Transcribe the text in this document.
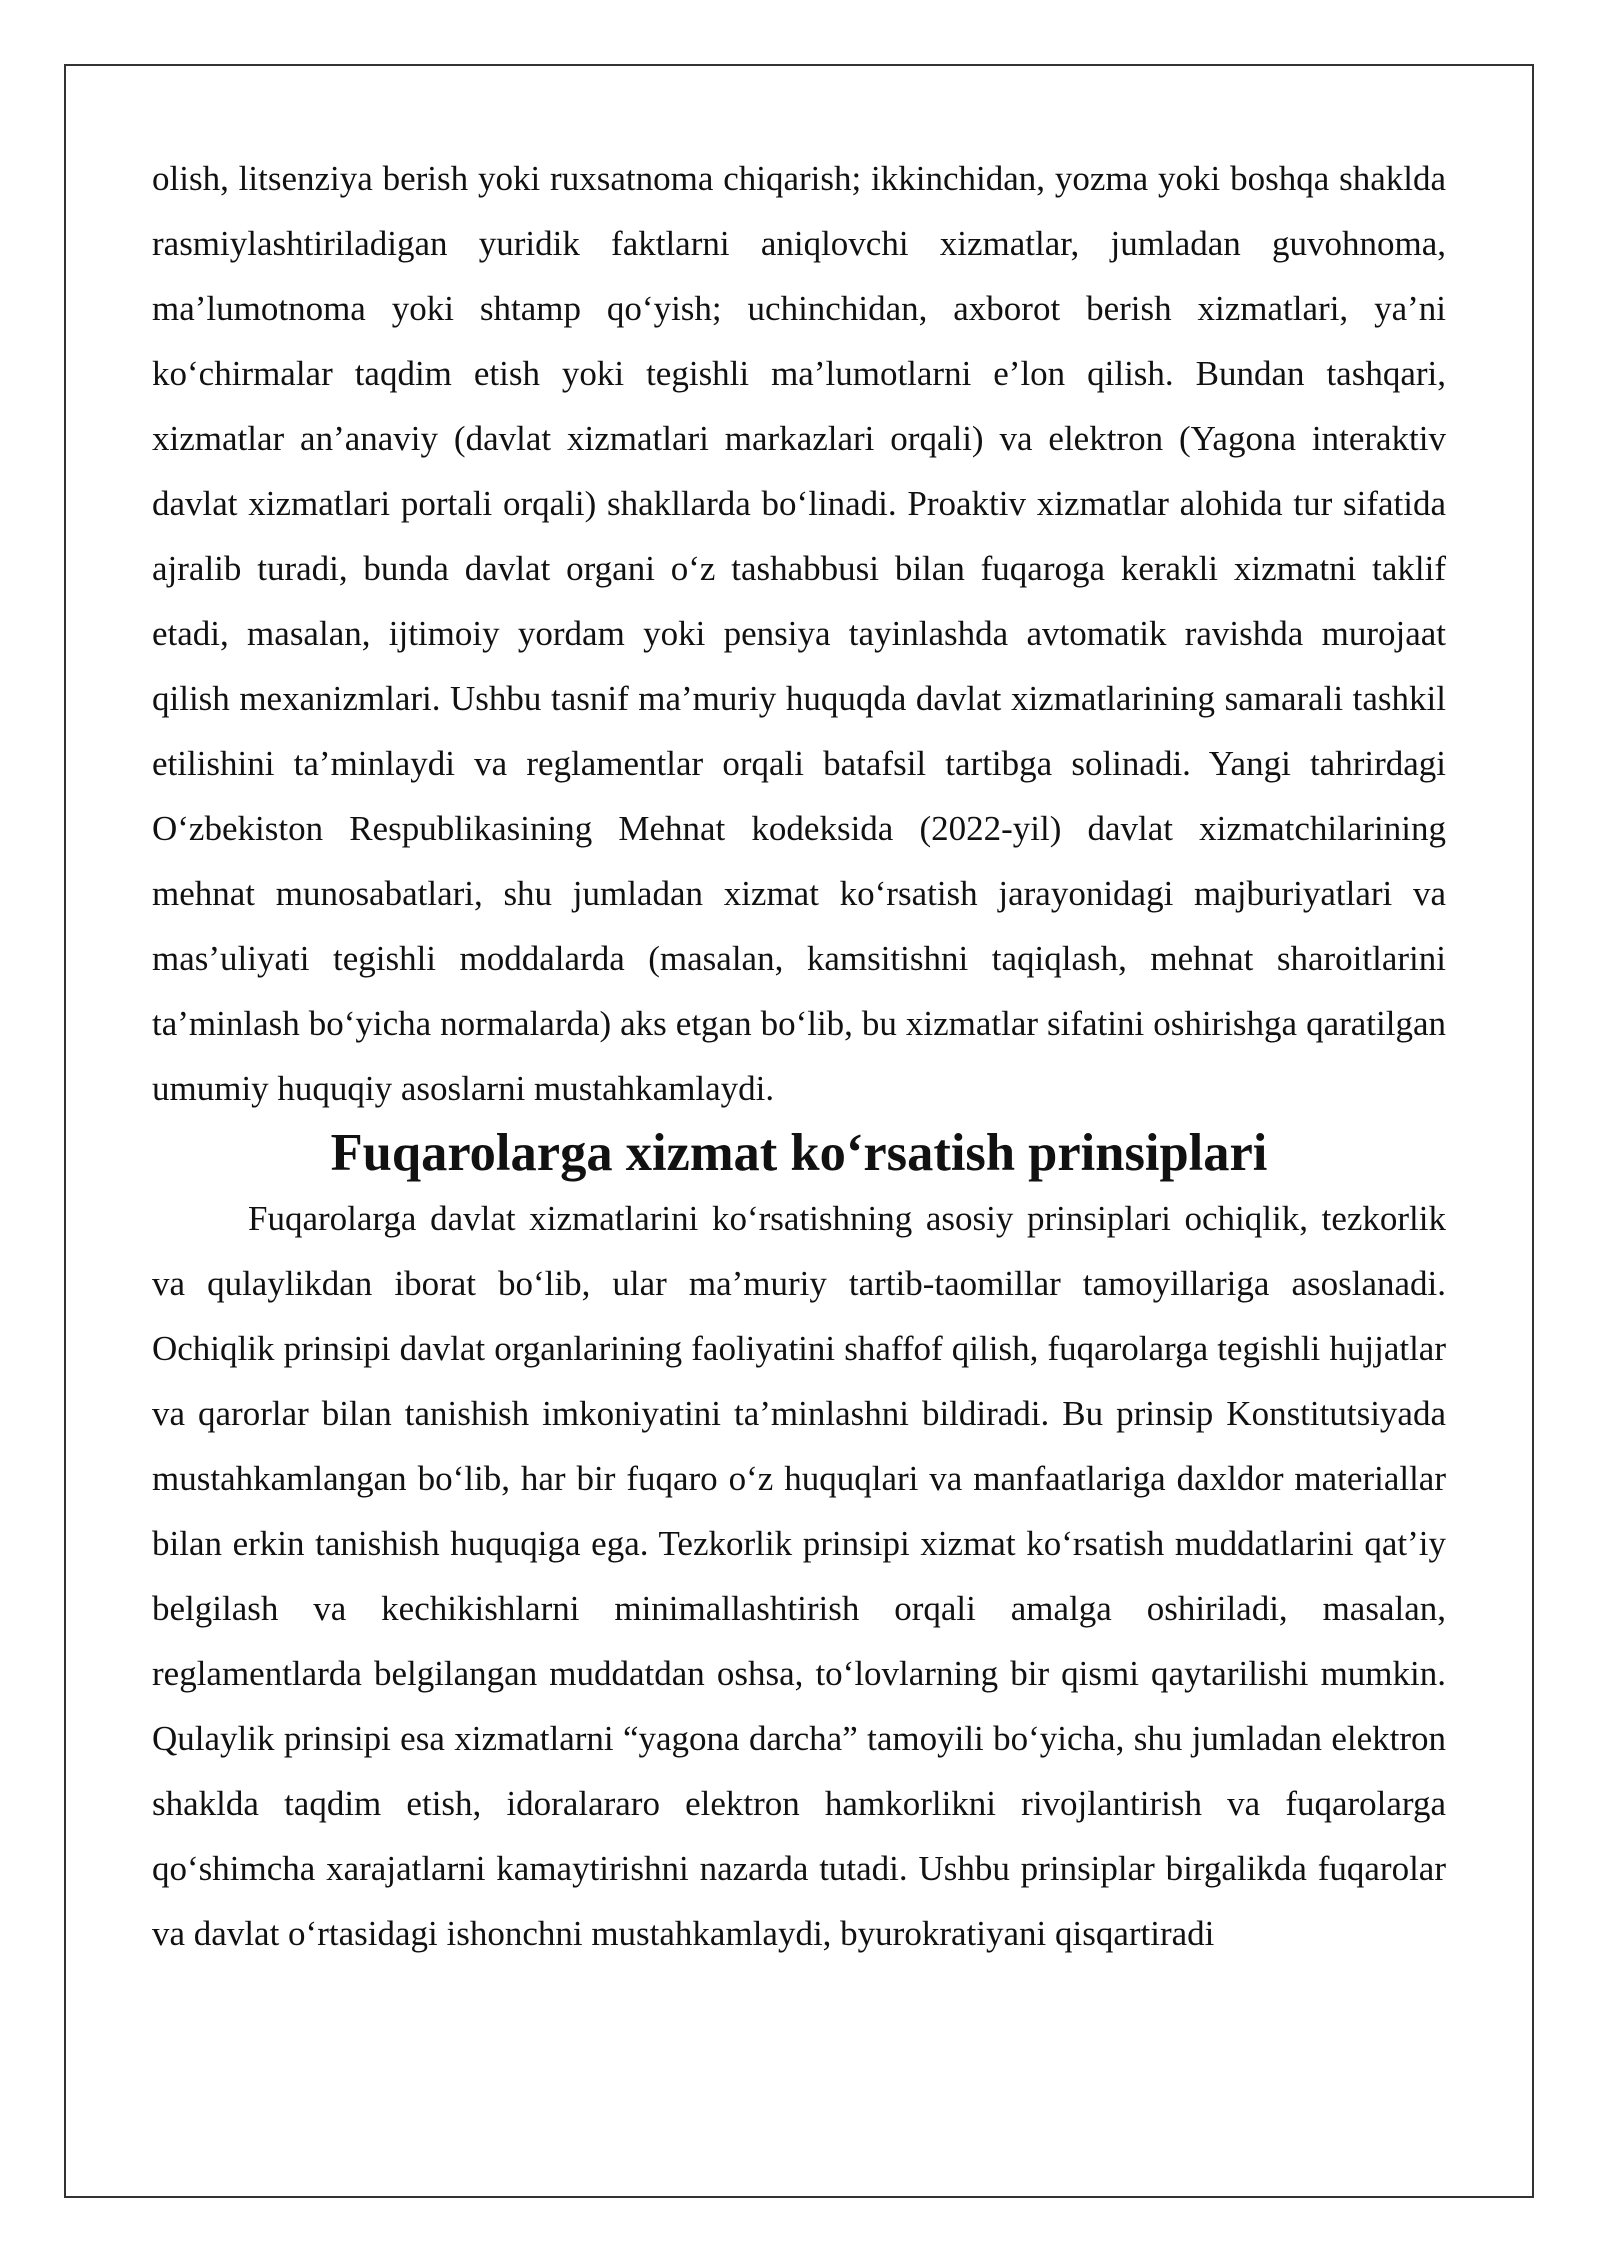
olish, litsenziya berish yoki ruxsatnoma chiqarish; ikkinchidan, yozma yoki boshqa shaklda rasmiylashtiriladigan yuridik faktlarni aniqlovchi xizmatlar, jumladan guvohnoma, ma’lumotnoma yoki shtamp qo‘yish; uchinchidan, axborot berish xizmatlari, ya’ni ko‘chirmalar taqdim etish yoki tegishli ma’lumotlarni e’lon qilish. Bundan tashqari, xizmatlar an’anaviy (davlat xizmatlari markazlari orqali) va elektron (Yagona interaktiv davlat xizmatlari portali orqali) shakllarda bo‘linadi. Proaktiv xizmatlar alohida tur sifatida ajralib turadi, bunda davlat organi o‘z tashabbusi bilan fuqaroga kerakli xizmatni taklif etadi, masalan, ijtimoiy yordam yoki pensiya tayinlashda avtomatik ravishda murojaat qilish mexanizmlari. Ushbu tasnif ma’muriy huquqda davlat xizmatlarining samarali tashkil etilishini ta’minlaydi va reglamentlar orqali batafsil tartibga solinadi. Yangi tahrirdagi O‘zbekiston Respublikasining Mehnat kodeksida (2022-yil) davlat xizmatchilarining mehnat munosabatlari, shu jumladan xizmat ko‘rsatish jarayonidagi majburiyatlari va mas’uliyati tegishli moddalarda (masalan, kamsitishni taqiqlash, mehnat sharoitlarini ta’minlash bo‘yicha normalarda) aks etgan bo‘lib, bu xizmatlar sifatini oshirishga qaratilgan umumiy huquqiy asoslarni mustahkamlaydi.

Fuqarolarga xizmat ko‘rsatish prinsiplari

Fuqarolarga davlat xizmatlarini ko‘rsatishning asosiy prinsiplari ochiqlik, tezkorlik va qulaylikdan iborat bo‘lib, ular ma’muriy tartib-taomillar tamoyillariga asoslanadi. Ochiqlik prinsipi davlat organlarining faoliyatini shaffof qilish, fuqarolarga tegishli hujjatlar va qarorlar bilan tanishish imkoniyatini ta’minlashni bildiradi. Bu prinsip Konstitutsiyada mustahkamlangan bo‘lib, har bir fuqaro o‘z huquqlari va manfaatlariga daxldor materiallar bilan erkin tanishish huquqiga ega. Tezkorlik prinsipi xizmat ko‘rsatish muddatlarini qat’iy belgilash va kechikishlarni minimallashtirish orqali amalga oshiriladi, masalan, reglamentlarda belgilangan muddatdan oshsa, to‘lovlarning bir qismi qaytarilishi mumkin. Qulaylik prinsipi esa xizmatlarni “yagona darcha” tamoyili bo‘yicha, shu jumladan elektron shaklda taqdim etish, idoralararo elektron hamkorlikni rivojlantirish va fuqarolarga qo‘shimcha xarajatlarni kamaytirishni nazarda tutadi. Ushbu prinsiplar birgalikda fuqarolar va davlat o‘rtasidagi ishonchni mustahkamlaydi, byurokratiyani qisqartiradi
